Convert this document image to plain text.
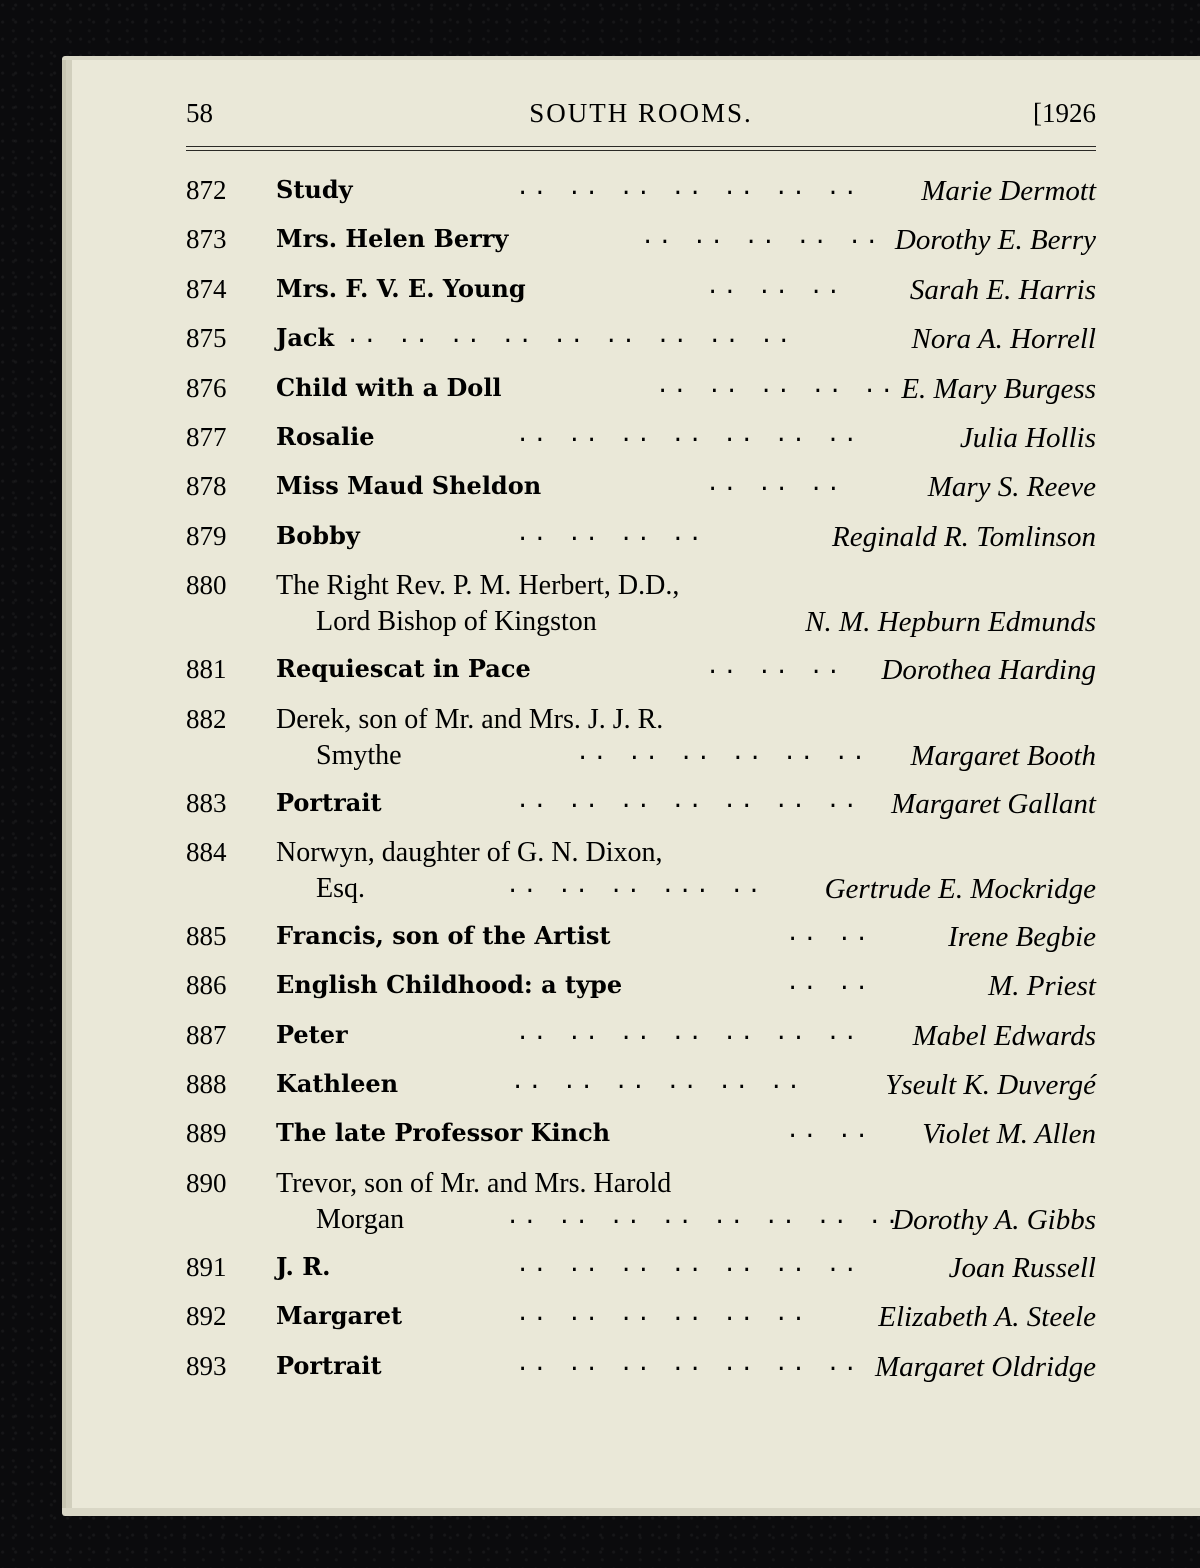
58	SOUTH ROOMS.	[1926
872 Study	.. .. .. .. .. .. .. Marie Dermott
873 Mrs. Helen Berry	.. .. .. .. .. Dorothy E. Berry
874 Mrs. F. V. E. Young	.. .. .. Sarah E. Harris
875 Jack .. .. .. .. .. .. .. .. ..	Nora A. Horrell
876 Child with a Doll	.. .. .. .. .. E. Mary Burgess
877 Rosalie	.. .. .. .. .. .. ..	Julia Hollis
878 Miss Maud Sheldon	.. .. ..	Mary S. Reeve
879 Bobby	.. .. .. ..	Reginald R. Tomlinson
880 The Right Rev. P. M. Herbert, D.D.,
Lord Bishop of Kingston	N. M. Hepburn Edmunds
881 Requiescat in Pace	.. .. .. Dorothea Harding
882 Derek, son of Mr. and Mrs. J. J. R.
Smythe	.. .. .. .. .. .. Margaret Booth
883 Portrait	.. .. .. .. .. .. .. Margaret Gallant
884 Norwyn, daughter of G. N. Dixon,
Esq.	.. .. .. ... .. Gertrude E. Mockridge
885 Francis, son of the Artist	.. ..	Irene Begbie
886 English Childhood: a type	.. ..	M. Priest
887 Peter	.. .. .. .. .. .. .. Mabel Edwards
888 Kathleen	.. .. .. .. .. ..	Yseult K. Duvergé
889 The late Professor Kinch	.. .. Violet M. Allen
890 Trevor, son of Mr. and Mrs. Harold
Morgan	.. .. .. .. .. .. .. ..
Dorothy A. Gibbs
891 J. R.	.. .. .. .. .. .. ..	Joan Russell
892 Margaret	.. .. .. .. .. .. Elizabeth A. Steele
893 Portrait	.. .. .. .. .. .. .. Margaret Oldridge
